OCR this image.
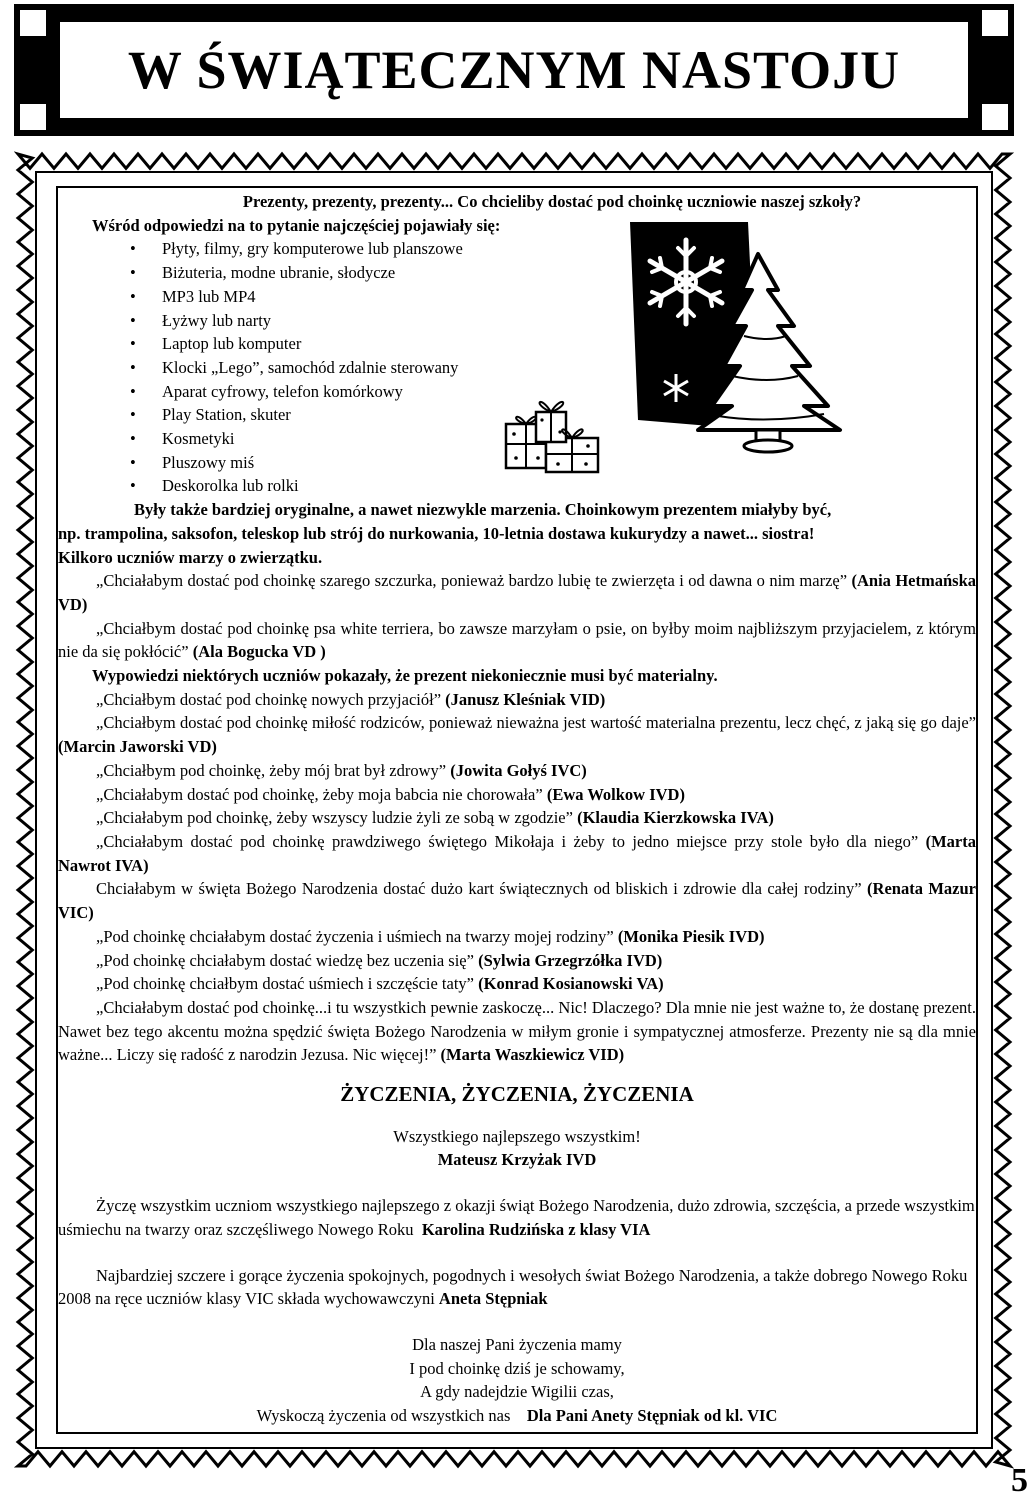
W ŚWIĄTECZNYM NASTOJU

Prezenty, prezenty, prezenty... Co chcieliby dostać pod choinkę uczniowie naszej szkoły?

Wśród odpowiedzi na to pytanie najczęściej pojawiały się:

• Płyty, filmy, gry komputerowe lub planszowe
• Biżuteria, modne ubranie, słodycze
• MP3 lub MP4
• Łyżwy lub narty
• Laptop lub komputer
• Klocki „Lego”, samochód zdalnie sterowany
• Aparat cyfrowy, telefon komórkowy
• Play Station, skuter
• Kosmetyki
• Pluszowy miś
• Deskorolka lub rolki

Były także bardziej oryginalne, a nawet niezwykle marzenia. Choinkowym prezentem miałyby być,

np. trampolina, saksofon, teleskop lub strój do nurkowania, 10-letnia dostawa kukurydzy a nawet... siostra!

Kilkoro uczniów marzy o zwierzątku.

„Chciałabym dostać pod choinkę szarego szczurka, ponieważ bardzo lubię te zwierzęta i od dawna o nim marzę” (Ania Hetmańska VD)

„Chciałbym dostać pod choinkę psa white terriera, bo zawsze marzyłam o psie, on byłby moim najbliższym przyjacielem, z którym nie da się pokłócić” (Ala Bogucka VD )

Wypowiedzi niektórych uczniów pokazały, że prezent niekoniecznie musi być materialny.

„Chciałbym dostać pod choinkę nowych przyjaciół” (Janusz Kleśniak VID)

„Chciałbym dostać pod choinkę miłość rodziców, ponieważ nieważna jest wartość materialna prezentu, lecz chęć, z jaką się go daje” (Marcin Jaworski VD)

„Chciałbym pod choinkę, żeby mój brat był zdrowy” (Jowita Gołyś IVC)

„Chciałabym dostać pod choinkę, żeby moja babcia nie chorowała” (Ewa Wolkow IVD)

„Chciałabym pod choinkę, żeby wszyscy ludzie żyli ze sobą w zgodzie” (Klaudia Kierzkowska IVA)

„Chciałabym dostać pod choinkę prawdziwego świętego Mikołaja i żeby to jedno miejsce przy stole było dla niego” (Marta Nawrot IVA)

Chciałabym w święta Bożego Narodzenia dostać dużo kart świątecznych od bliskich i zdrowie dla całej rodziny” (Renata Mazur VIC)

„Pod choinkę chciałabym dostać życzenia i uśmiech na twarzy mojej rodziny” (Monika Piesik IVD)

„Pod choinkę chciałabym dostać wiedzę bez uczenia się” (Sylwia Grzegrzółka IVD)

„Pod choinkę chciałbym dostać uśmiech i szczęście taty” (Konrad Kosianowski VA)

„Chciałabym dostać pod choinkę...i tu wszystkich pewnie zaskoczę... Nic! Dlaczego? Dla mnie nie jest ważne to, że dostanę prezent. Nawet bez tego akcentu można spędzić święta Bożego Narodzenia w miłym gronie i sympatycznej atmosferze. Prezenty nie są dla mnie ważne... Liczy się radość z narodzin Jezusa. Nic więcej!” (Marta Waszkiewicz VID)

ŻYCZENIA, ŻYCZENIA, ŻYCZENIA

Wszystkiego najlepszego wszystkim!

Mateusz Krzyżak IVD

Życzę wszystkim uczniom wszystkiego najlepszego z okazji świąt Bożego Narodzenia, dużo zdrowia, szczęścia, a przede wszystkim uśmiechu na twarzy oraz szczęśliwego Nowego Roku Karolina Rudzińska z klasy VIA

Najbardziej szczere i gorące życzenia spokojnych, pogodnych i wesołych świat Bożego Narodzenia, a także dobrego Nowego Roku 2008 na ręce uczniów klasy VIC składa wychowawczyni Aneta Stępniak

Dla naszej Pani życzenia mamy

I pod choinkę dziś je schowamy,

A gdy nadejdzie Wigilii czas,

Wyskoczą życzenia od wszystkich nas Dla Pani Anety Stępniak od kl. VIC

5
